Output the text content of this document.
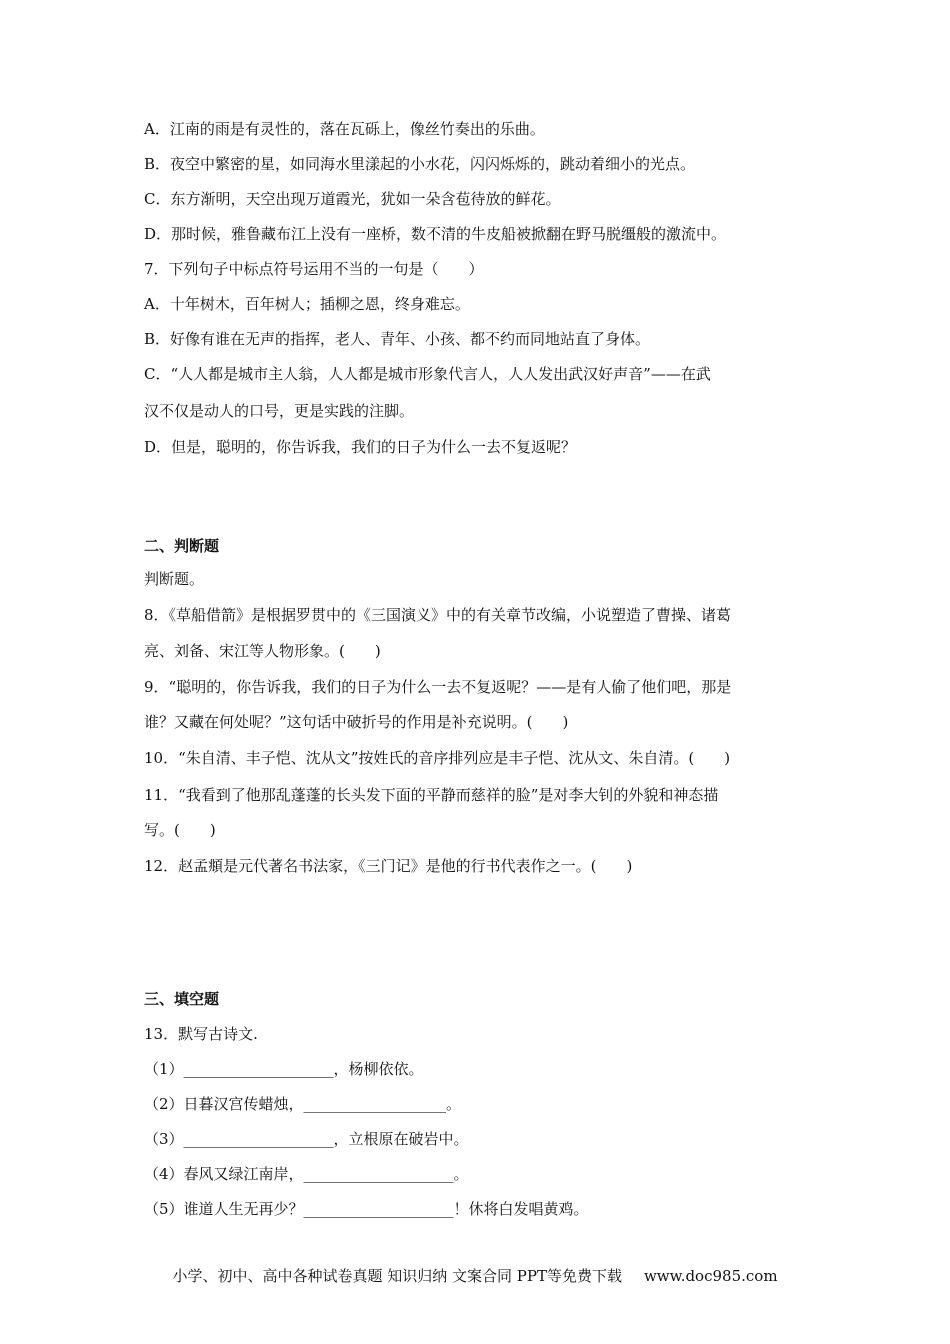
A．江南的雨是有灵性的，落在瓦砾上，像丝竹奏出的乐曲。
B．夜空中繁密的星，如同海水里漾起的小水花，闪闪烁烁的，跳动着细小的光点。
C．东方渐明，天空出现万道霞光，犹如一朵含苞待放的鲜花。
D．那时候，雅鲁藏布江上没有一座桥，数不清的牛皮船被掀翻在野马脱缰般的激流中。
7．下列句子中标点符号运用不当的一句是（　　）
A．十年树木，百年树人；插柳之恩，终身难忘。
B．好像有谁在无声的指挥，老人、青年、小孩、都不约而同地站直了身体。
C．“人人都是城市主人翁，人人都是城市形象代言人，人人发出武汉好声音”——在武
汉不仅是动人的口号，更是实践的注脚。
D．但是，聪明的，你告诉我，我们的日子为什么一去不复返呢？
二、判断题
判断题。
8．《草船借箭》是根据罗贯中的《三国演义》中的有关章节改编，小说塑造了曹操、诸葛
亮、刘备、宋江等人物形象。(　　)
9．“聪明的，你告诉我，我们的日子为什么一去不复返呢？——是有人偷了他们吧，那是
谁？又藏在何处呢？”这句话中破折号的作用是补充说明。(　　)
10．“朱自清、丰子恺、沈从文”按姓氏的音序排列应是丰子恺、沈从文、朱自清。(　　)
11．“我看到了他那乱蓬蓬的长头发下面的平静而慈祥的脸”是对李大钊的外貌和神态描
写。(　　)
12．赵孟頫是元代著名书法家，《三门记》是他的行书代表作之一。(　　)
三、填空题
13．默写古诗文.
（1）____________________，杨柳依依。
（2）日暮汉宫传蜡烛，___________________。
（3）____________________，立根原在破岩中。
（4）春风又绿江南岸，____________________。
（5）谁道人生无再少？____________________！休将白发唱黄鸡。
小学、初中、高中各种试卷真题 知识归纳 文案合同 PPT等免费下载 www.doc985.com
